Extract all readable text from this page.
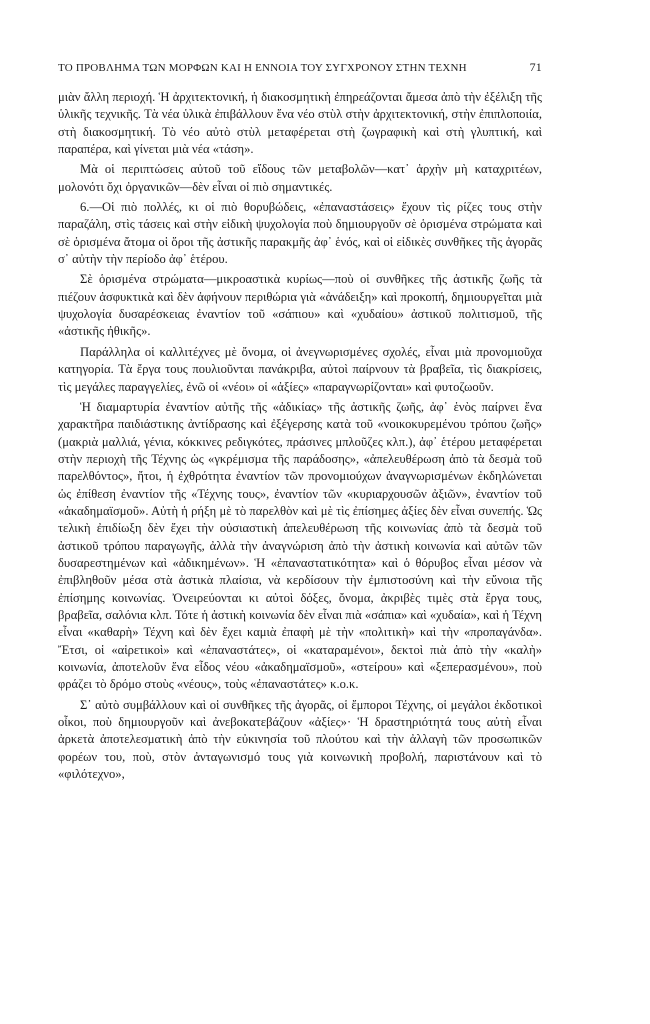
ΤΟ ΠΡΟΒΛΗΜΑ ΤΩΝ ΜΟΡΦΩΝ ΚΑΙ Η ΕΝΝΟΙΑ ΤΟΥ ΣΥΓΧΡΟΝΟΥ ΣΤΗΝ ΤΕΧΝΗ	71

μιὰν ἄλλη περιοχή. Ἡ ἀρχιτεκτονική, ἡ διακοσμητικὴ ἐπηρεάζονται ἄμεσα ἀπὸ τὴν ἐξέλιξη τῆς ὑλικῆς τεχνικῆς. Τὰ νέα ὑλικὰ ἐπιβάλλουν ἕνα νέο στὺλ στὴν ἀρχιτεκτονική, στὴν ἐπιπλοποιία, στὴ διακοσμητική. Τὸ νέο αὐτὸ στὺλ μεταφέρεται στὴ ζωγραφικὴ καὶ στὴ γλυπτική, καὶ παραπέρα, καὶ γίνεται μιὰ νέα «τάση».

Μὰ οἱ περιπτώσεις αὐτοῦ τοῦ εἴδους τῶν μεταβολῶν—κατ᾽ ἀρχὴν μὴ καταχριτέων, μολονότι ὄχι ὀργανικῶν—δὲν εἶναι οἱ πιὸ σημαντικές.

6.—Οἱ πιὸ πολλές, κι οἱ πιὸ θορυβώδεις, «ἐπαναστάσεις» ἔχουν τὶς ρίζες τους στὴν παραζάλη, στὶς τάσεις καὶ στὴν εἰδικὴ ψυχολογία ποὺ δημιουργοῦν σὲ ὁρισμένα στρώματα καὶ σὲ ὁρισμένα ἄτομα οἱ ὅροι τῆς ἀστικῆς παρακμῆς ἀφ᾽ ἑνός, καὶ οἱ εἰδικὲς συνθῆκες τῆς ἀγορᾶς σ᾽ αὐτὴν τὴν περίοδο ἀφ᾽ ἑτέρου.

Σὲ ὁρισμένα στρώματα—μικροαστικὰ κυρίως—ποὺ οἱ συνθῆκες τῆς ἀστικῆς ζωῆς τὰ πιέζουν ἀσφυκτικὰ καὶ δὲν ἀφήνουν περιθώρια γιὰ «ἀνάδειξη» καὶ προκοπή, δημιουργεῖται μιὰ ψυχολογία δυσαρέσκειας ἐναντίον τοῦ «σάπιου» καὶ «χυδαίου» ἀστικοῦ πολιτισμοῦ, τῆς «ἀστικῆς ἠθικῆς».

Παράλληλα οἱ καλλιτέχνες μὲ ὄνομα, οἱ ἀνεγνωρισμένες σχολές, εἶναι μιὰ προνομιοῦχα κατηγορία. Τὰ ἔργα τους πουλιοῦνται πανάκριβα, αὐτοὶ παίρνουν τὰ βραβεῖα, τὶς διακρίσεις, τὶς μεγάλες παραγγελίες, ἐνῶ οἱ «νέοι» οἱ «ἀξίες» «παραγνωρίζονται» καὶ φυτοζωοῦν.

Ἡ διαμαρτυρία ἐναντίον αὐτῆς τῆς «ἀδικίας» τῆς ἀστικῆς ζωῆς, ἀφ᾽ ἑνὸς παίρνει ἕνα χαρακτῆρα παιδιάστικης ἀντίδρασης καὶ ἐξέγερσης κατὰ τοῦ «νοικοκυρεμένου τρόπου ζωῆς» (μακριὰ μαλλιά, γένια, κόκκινες ρεδιγκότες, πράσινες μπλοῦζες κλπ.), ἀφ᾽ ἑτέρου μεταφέρεται στὴν περιοχὴ τῆς Τέχνης ὡς «γκρέμισμα τῆς παράδοσης», «ἀπελευθέρωση ἀπὸ τὰ δεσμὰ τοῦ παρελθόντος», ἤτοι, ἡ ἐχθρότητα ἐναντίον τῶν προνομιούχων ἀναγνωρισμένων ἐκδηλώνεται ὡς ἐπίθεση ἐναντίον τῆς «Τέχνης τους», ἐναντίον τῶν «κυριαρχουσῶν ἀξιῶν», ἐναντίον τοῦ «ἀκαδημαϊσμοῦ». Αὐτὴ ἡ ρήξη μὲ τὸ παρελθὸν καὶ μὲ τὶς ἐπίσημες ἀξίες δὲν εἶναι συνεπής. Ὡς τελικὴ ἐπιδίωξη δὲν ἔχει τὴν οὐσιαστικὴ ἀπελευθέρωση τῆς κοινωνίας ἀπὸ τὰ δεσμὰ τοῦ ἀστικοῦ τρόπου παραγωγῆς, ἀλλὰ τὴν ἀναγνώριση ἀπὸ τὴν ἀστικὴ κοινωνία καὶ αὐτῶν τῶν δυσαρεστημένων καὶ «ἀδικημένων». Ἡ «ἐπαναστατικότητα» καὶ ὁ θόρυβος εἶναι μέσον νὰ ἐπιβληθοῦν μέσα στὰ ἀστικὰ πλαίσια, νὰ κερδίσουν τὴν ἐμπιστοσύνη καὶ τὴν εὔνοια τῆς ἐπίσημης κοινωνίας. Ὀνειρεύονται κι αὐτοὶ δόξες, ὄνομα, ἀκριβὲς τιμὲς στὰ ἔργα τους, βραβεῖα, σαλόνια κλπ. Τότε ἡ ἀστικὴ κοινωνία δὲν εἶναι πιὰ «σάπια» καὶ «χυδαία», καὶ ἡ Τέχνη εἶναι «καθαρὴ» Τέχνη καὶ δὲν ἔχει καμιὰ ἐπαφὴ μὲ τὴν «πολιτικὴ» καὶ τὴν «προπαγάνδα». Ἔτσι, οἱ «αἱρετικοὶ» καὶ «ἐπαναστάτες», οἱ «καταραμένοι», δεκτοὶ πιὰ ἀπὸ τὴν «καλὴ» κοινωνία, ἀποτελοῦν ἕνα εἶδος νέου «ἀκαδημαϊσμοῦ», «στείρου» καὶ «ξεπερασμένου», ποὺ φράζει τὸ δρόμο στοὺς «νέους», τοὺς «ἐπαναστάτες» κ.ο.κ.

Σ᾽ αὐτὸ συμβάλλουν καὶ οἱ συνθῆκες τῆς ἀγορᾶς, οἱ ἔμποροι Τέχνης, οἱ μεγάλοι ἐκδοτικοὶ οἶκοι, ποὺ δημιουργοῦν καὶ ἀνεβοκατεβάζουν «ἀξίες»· Ἡ δραστηριότητά τους αὐτὴ εἶναι ἀρκετὰ ἀποτελεσματικὴ ἀπὸ τὴν εὐκινησία τοῦ πλούτου καὶ τὴν ἀλλαγὴ τῶν προσωπικῶν φορέων του, ποὺ, στὸν ἀνταγωνισμό τους γιὰ κοινωνικὴ προβολή, παριστάνουν καὶ τὸ «φιλότεχνο»,
